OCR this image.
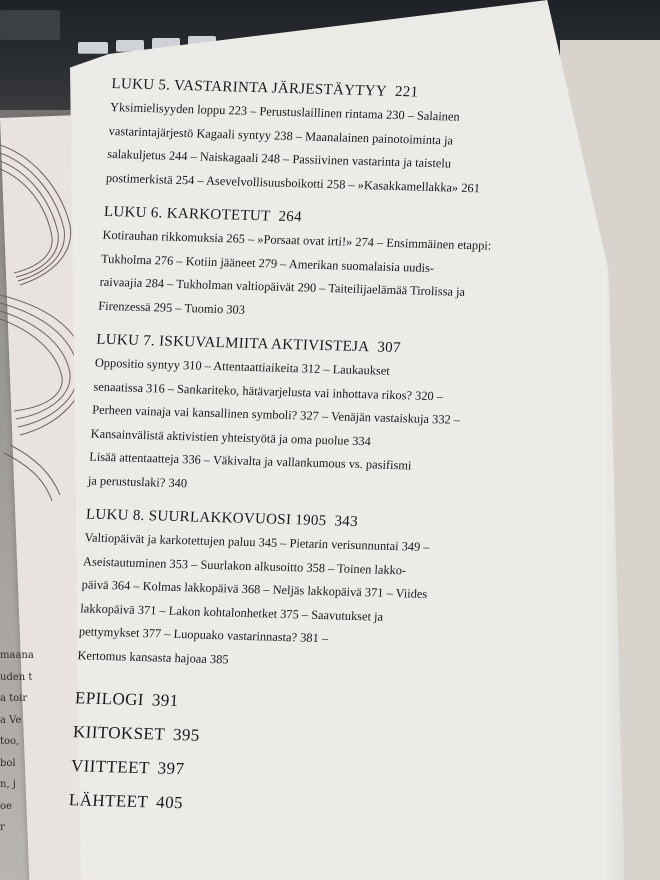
maana
uden t
a toir
a Ve
too,
bol
n, j
oe
r
LUKU 5. VASTARINTA JÄRJESTÄYTYY 221
Yksimielisyyden loppu 223 – Perustuslaillinen rintama 230 – Salainen
vastarintajärjestö Kagaali syntyy 238 – Maanalainen painotoiminta ja
salakuljetus 244 – Naiskagaali 248 – Passiivinen vastarinta ja taistelu
postimerkistä 254 – Asevelvollisuusboikotti 258 – »Kasakkamellakka» 261
LUKU 6. KARKOTETUT 264
Kotirauhan rikkomuksia 265 – »Porsaat ovat irti!» 274 – Ensimmäinen etappi:
Tukholma 276 – Kotiin jääneet 279 – Amerikan suomalaisia uudis-
raivaajia 284 – Tukholman valtiopäivät 290 – Taiteilijaelämää Tirolissa ja
Firenzessä 295 – Tuomio 303
LUKU 7. ISKUVALMIITA AKTIVISTEJA 307
Oppositio syntyy 310 – Attentaattiaikeita 312 – Laukaukset
senaatissa 316 – Sankariteko, hätävarjelusta vai inhottava rikos? 320 –
Perheen vainaja vai kansallinen symboli? 327 – Venäjän vastaiskuja 332 –
Kansainvälistä aktivistien yhteistyötä ja oma puolue 334
Lisää attentaatteja 336 – Väkivalta ja vallankumous vs. pasifismi
ja perustuslaki? 340
LUKU 8. SUURLAKKOVUOSI 1905 343
Valtiopäivät ja karkotettujen paluu 345 – Pietarin verisunnuntai 349 –
Aseistautuminen 353 – Suurlakon alkusoitto 358 – Toinen lakko-
päivä 364 – Kolmas lakkopäivä 368 – Neljäs lakkopäivä 371 – Viides
lakkopäivä 371 – Lakon kohtalonhetket 375 – Saavutukset ja
pettymykset 377 – Luopuako vastarinnasta? 381 –
Kertomus kansasta hajoaa 385
EPILOGI 391
KIITOKSET 395
VIITTEET 397
LÄHTEET 405
